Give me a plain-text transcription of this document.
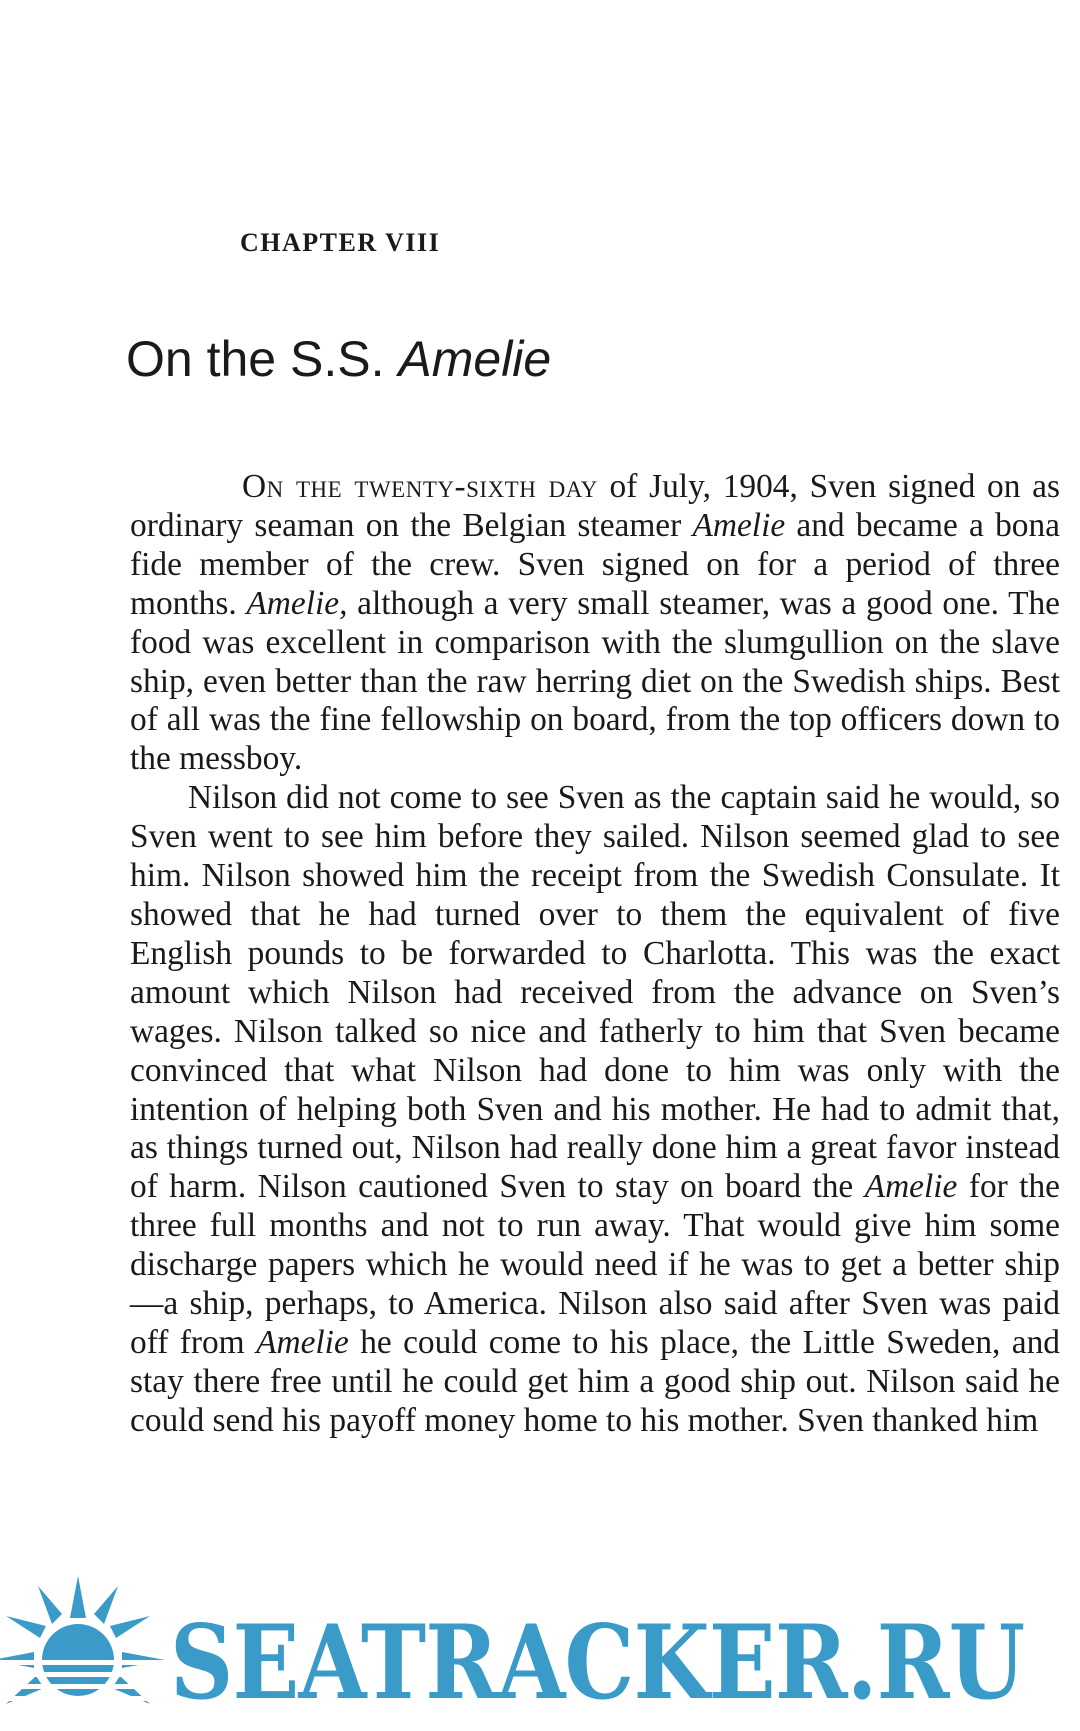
CHAPTER VIII
On the S.S. Amelie

On the twenty-sixth day of July, 1904, Sven signed on as ordinary seaman on the Belgian steamer Amelie and became a bona fide member of the crew. Sven signed on for a period of three months. Amelie, although a very small steamer, was a good one. The food was excellent in comparison with the slumgullion on the slave ship, even better than the raw herring diet on the Swedish ships. Best of all was the fine fellowship on board, from the top officers down to the messboy.

Nilson did not come to see Sven as the captain said he would, so Sven went to see him before they sailed. Nilson seemed glad to see him. Nilson showed him the receipt from the Swedish Consulate. It showed that he had turned over to them the equivalent of five English pounds to be forwarded to Charlotta. This was the exact amount which Nilson had received from the advance on Sven’s wages. Nilson talked so nice and fatherly to him that Sven became convinced that what Nilson had done to him was only with the intention of helping both Sven and his mother. He had to admit that, as things turned out, Nilson had really done him a great favor instead of harm. Nilson cautioned Sven to stay on board the Amelie for the three full months and not to run away. That would give him some discharge papers which he would need if he was to get a better ship—a ship, perhaps, to America. Nilson also said after Sven was paid off from Amelie he could come to his place, the Little Sweden, and stay there free until he could get him a good ship out. Nilson said he could send his payoff money home to his mother. Sven thanked him

SEATRACKER.RU
